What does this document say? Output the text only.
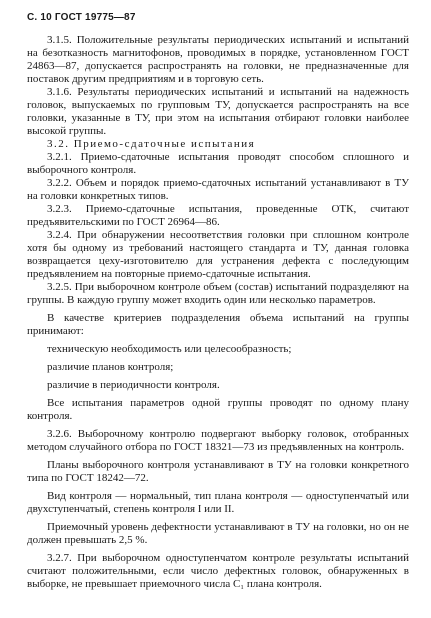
С. 10 ГОСТ 19775—87

3.1.5. Положительные результаты периодических испытаний и испытаний на безотказность магнитофонов, проводимых в порядке, установленном ГОСТ 24863—87, допускается распространять на головки, не предназначенные для поставок другим предприятиям и в торговую сеть.

3.1.6. Результаты периодических испытаний и испытаний на надежность головок, выпускаемых по групповым ТУ, допускается распространять на все головки, указанные в ТУ, при этом на испытания отбирают головки наиболее высокой группы.

3.2. Приемо-сдаточные испытания

3.2.1. Приемо-сдаточные испытания проводят способом сплошного и выборочного контроля.

3.2.2. Объем и порядок приемо-сдаточных испытаний устанавливают в ТУ на головки конкретных типов.

3.2.3. Приемо-сдаточные испытания, проведенные ОТК, считают предъявительскими по ГОСТ 26964—86.

3.2.4. При обнаружении несоответствия головки при сплошном контроле хотя бы одному из требований настоящего стандарта и ТУ, данная головка возвращается цеху-изготовителю для устранения дефекта с последующим предъявлением на повторные приемо-сдаточные испытания.

3.2.5. При выборочном контроле объем (состав) испытаний подразделяют на группы. В каждую группу может входить один или несколько параметров.

В качестве критериев подразделения объема испытаний на группы принимают:

техническую необходимость или целесообразность;

различие планов контроля;

различие в периодичности контроля.

Все испытания параметров одной группы проводят по одному плану контроля.

3.2.6. Выборочному контролю подвергают выборку головок, отобранных методом случайного отбора по ГОСТ 18321—73 из предъявленных на контроль.

Планы выборочного контроля устанавливают в ТУ на головки конкретного типа по ГОСТ 18242—72.

Вид контроля — нормальный, тип плана контроля — одноступенчатый или двухступенчатый, степень контроля I или II.

Приемочный уровень дефектности устанавливают в ТУ на головки, но он не должен превышать 2,5 %.

3.2.7. При выборочном одноступенчатом контроле результаты испытаний считают положительными, если число дефектных головок, обнаруженных в выборке, не превышает приемочного числа C₁ плана контроля.
